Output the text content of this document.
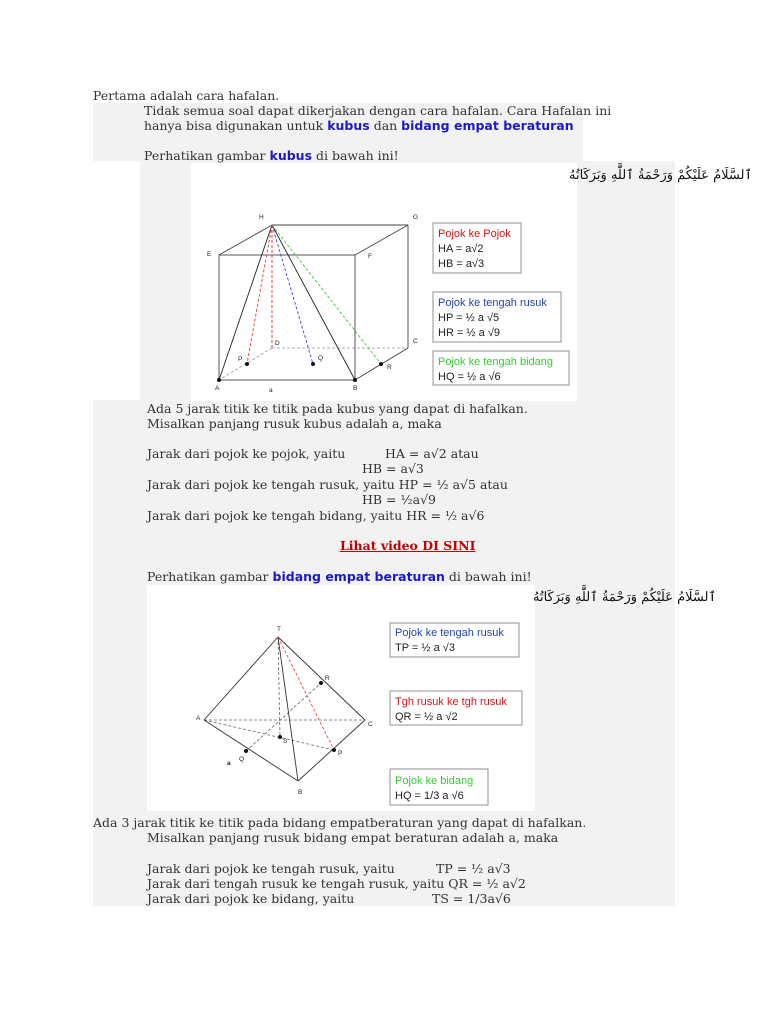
Pertama adalah cara hafalan.
Tidak semua soal dapat dikerjakan dengan cara hafalan. Cara Hafalan ini
hanya bisa digunakan untuk kubus dan bidang empat beraturan
Perhatikan gambar kubus di bawah ini!
ٱلسَّلَامُ عَلَيْكُمْ وَرَحْمَةُ ٱللَّٰهِ وَبَرَكَاتُهُ
H	G
E	F
D	C
A	B
P	Q
R
a
Pojok ke Pojok
HA = a√2
HB = a√3
Pojok ke tengah rusuk
HP = ½ a √5
HR = ½ a √9
Pojok ke tengah bidang
HQ = ½ a √6
Ada 5 jarak titik ke titik pada kubus yang dapat di hafalkan.
Misalkan panjang rusuk kubus adalah a, maka
Jarak dari pojok ke pojok, yaitu	HA = a√2 atau
HB = a√3
Jarak dari pojok ke tengah rusuk, yaitu HP = ½ a√5 atau
HB = ½a√9
Jarak dari pojok ke tengah bidang, yaitu HR = ½ a√6
Lihat video DI SINI
Perhatikan gambar bidang empat beraturan di bawah ini!
ٱلسَّلَامُ عَلَيْكُمْ وَرَحْمَةُ ٱللَّٰهِ وَبَرَكَاتُهُ
T
R
A
C
S
Q
P
B
a
Pojok ke tengah rusuk
TP = ½ a √3
Tgh rusuk ke tgh rusuk
QR = ½ a √2
Pojok ke bidang
HQ = 1/3 a √6
Ada 3 jarak titik ke titik pada bidang empatberaturan yang dapat di hafalkan.
Misalkan panjang rusuk bidang empat beraturan adalah a, maka
Jarak dari pojok ke tengah rusuk, yaitu	TP = ½ a√3
Jarak dari tengah rusuk ke tengah rusuk, yaitu QR = ½ a√2
Jarak dari pojok ke bidang, yaitu	TS = 1/3a√6
